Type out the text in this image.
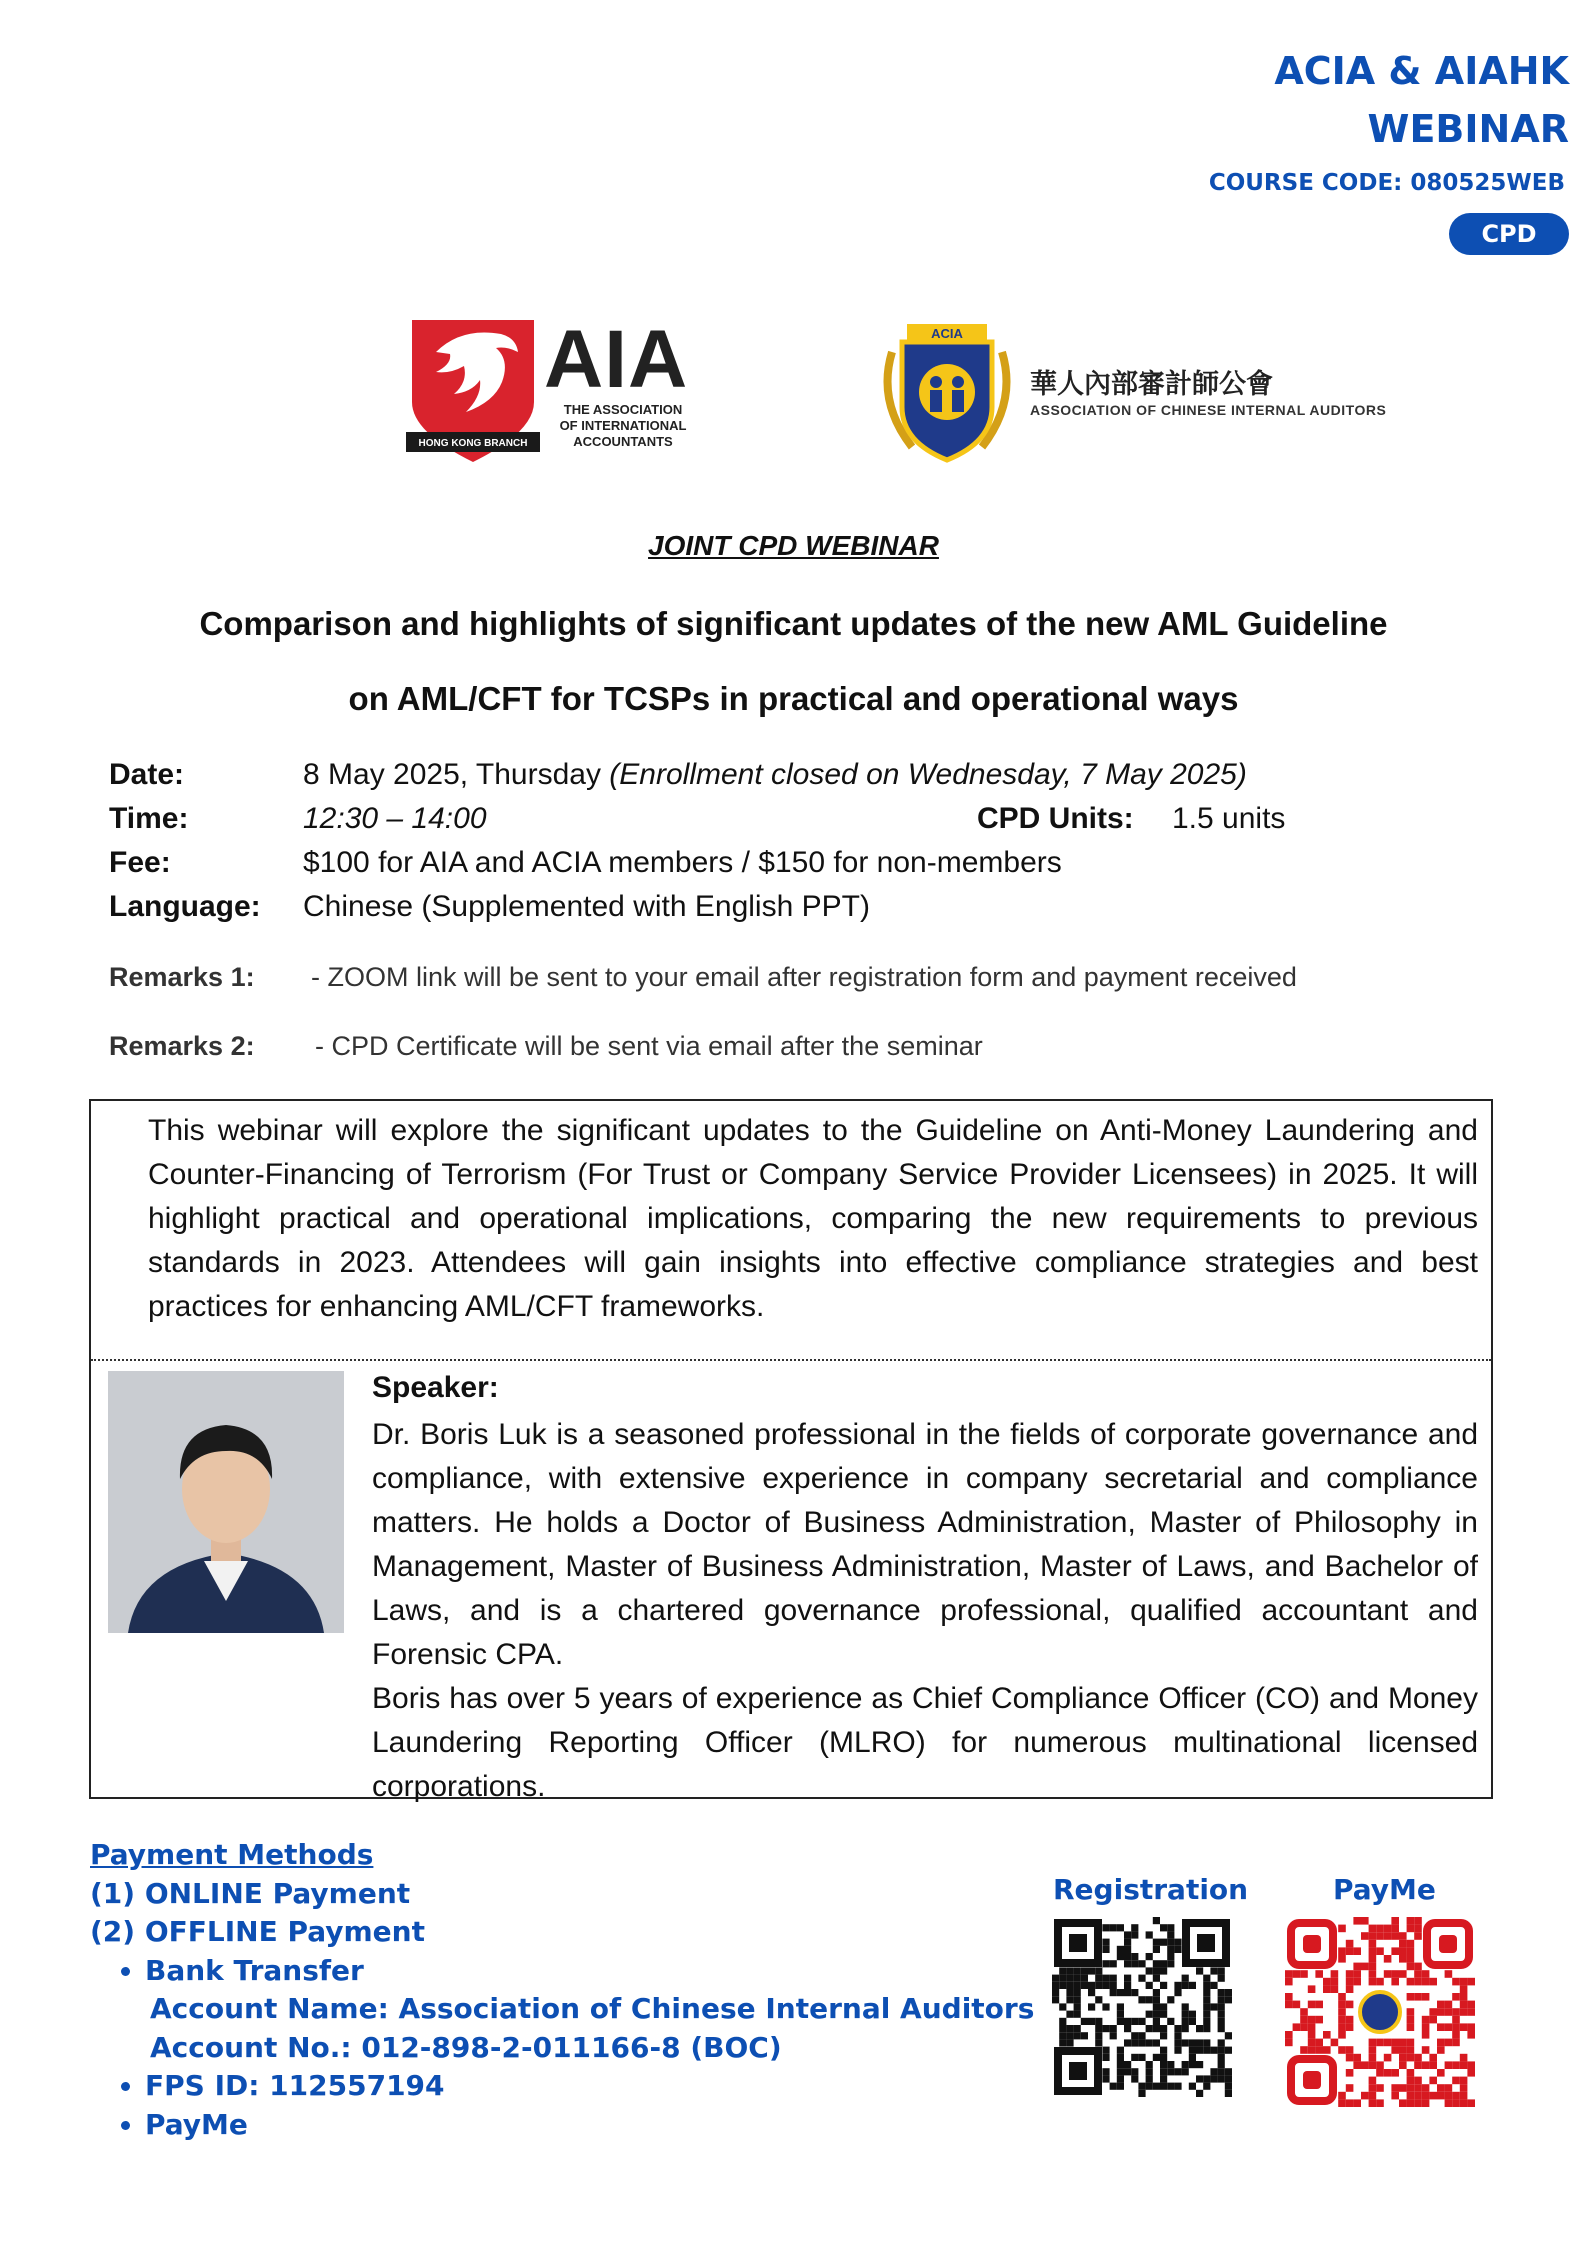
ACIA & AIAHK
WEBINAR
COURSE CODE: 080525WEB
CPD
HONG KONG BRANCH
AIA
THE ASSOCIATION
OF INTERNATIONAL
ACCOUNTANTS
ACIA
華人內部審計師公會
ASSOCIATION OF CHINESE INTERNAL AUDITORS
JOINT CPD WEBINAR
Comparison and highlights of significant updates of the new AML Guideline
on AML/CFT for TCSPs in practical and operational ways
Date:	8 May 2025, Thursday (Enrollment closed on Wednesday, 7 May 2025)
Time:	12:30 – 14:00	CPD Units: 1.5 units
Fee:	$100 for AIA and ACIA members / $150 for non-members
Language: Chinese (Supplemented with English PPT)
Remarks 1: - ZOOM link will be sent to your email after registration form and payment received
Remarks 2: - CPD Certificate will be sent via email after the seminar
This webinar will explore the significant updates to the Guideline on Anti-Money Laundering and Counter-Financing of Terrorism (For Trust or Company Service Provider Licensees) in 2025. It will highlight practical and operational implications, comparing the new requirements to previous standards in 2023. Attendees will gain insights into effective compliance strategies and best practices for enhancing AML/CFT frameworks.
Speaker:
Dr. Boris Luk is a seasoned professional in the fields of corporate governance and compliance, with extensive experience in company secretarial and compliance matters. He holds a Doctor of Business Administration, Master of Philosophy in Management, Master of Business Administration, Master of Laws, and Bachelor of Laws, and is a chartered governance professional, qualified accountant and Forensic CPA.
Boris has over 5 years of experience as Chief Compliance Officer (CO) and Money Laundering Reporting Officer (MLRO) for numerous multinational licensed corporations.
Payment Methods
(1) ONLINE Payment
(2) OFFLINE Payment
• Bank Transfer
Account Name: Association of Chinese Internal Auditors
Account No.: 012-898-2-011166-8 (BOC)
• FPS ID: 112557194
• PayMe
Registration	PayMe
